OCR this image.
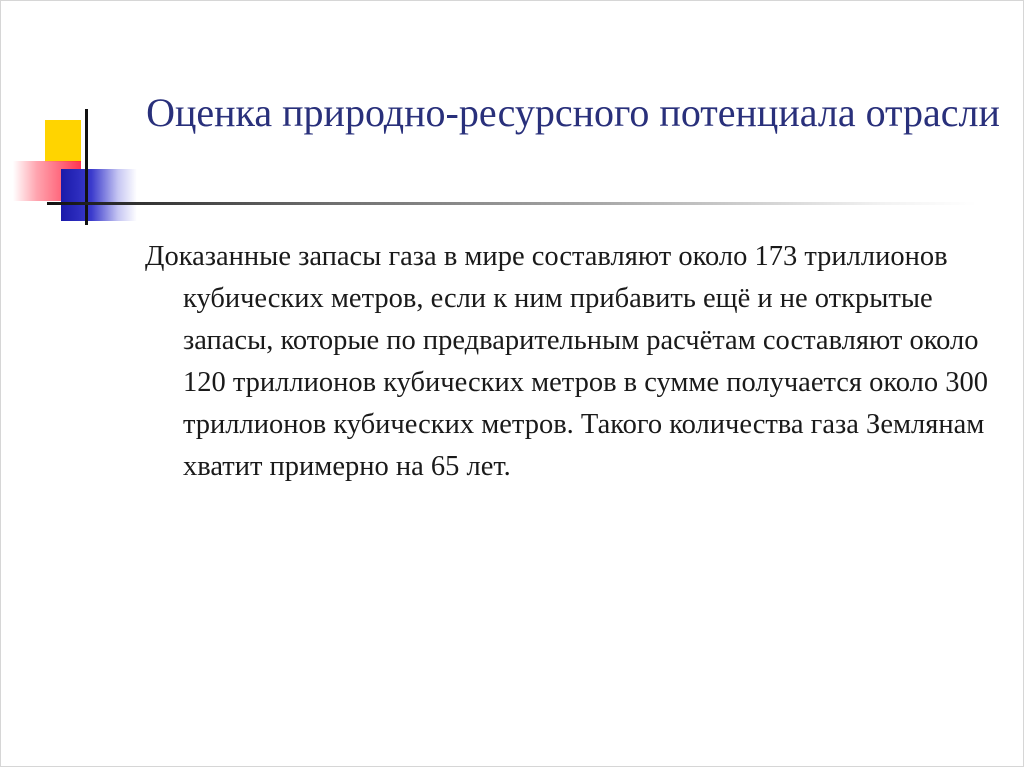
Оценка природно-ресурсного потенциала отрасли

Доказанные запасы газа в мире составляют около 173 триллионов кубических метров, если к ним прибавить ещё и не открытые запасы, которые по предварительным расчётам составляют около 120 триллионов кубических метров в сумме получается около 300 триллионов кубических метров. Такого количества газа Землянам хватит примерно на 65 лет.
